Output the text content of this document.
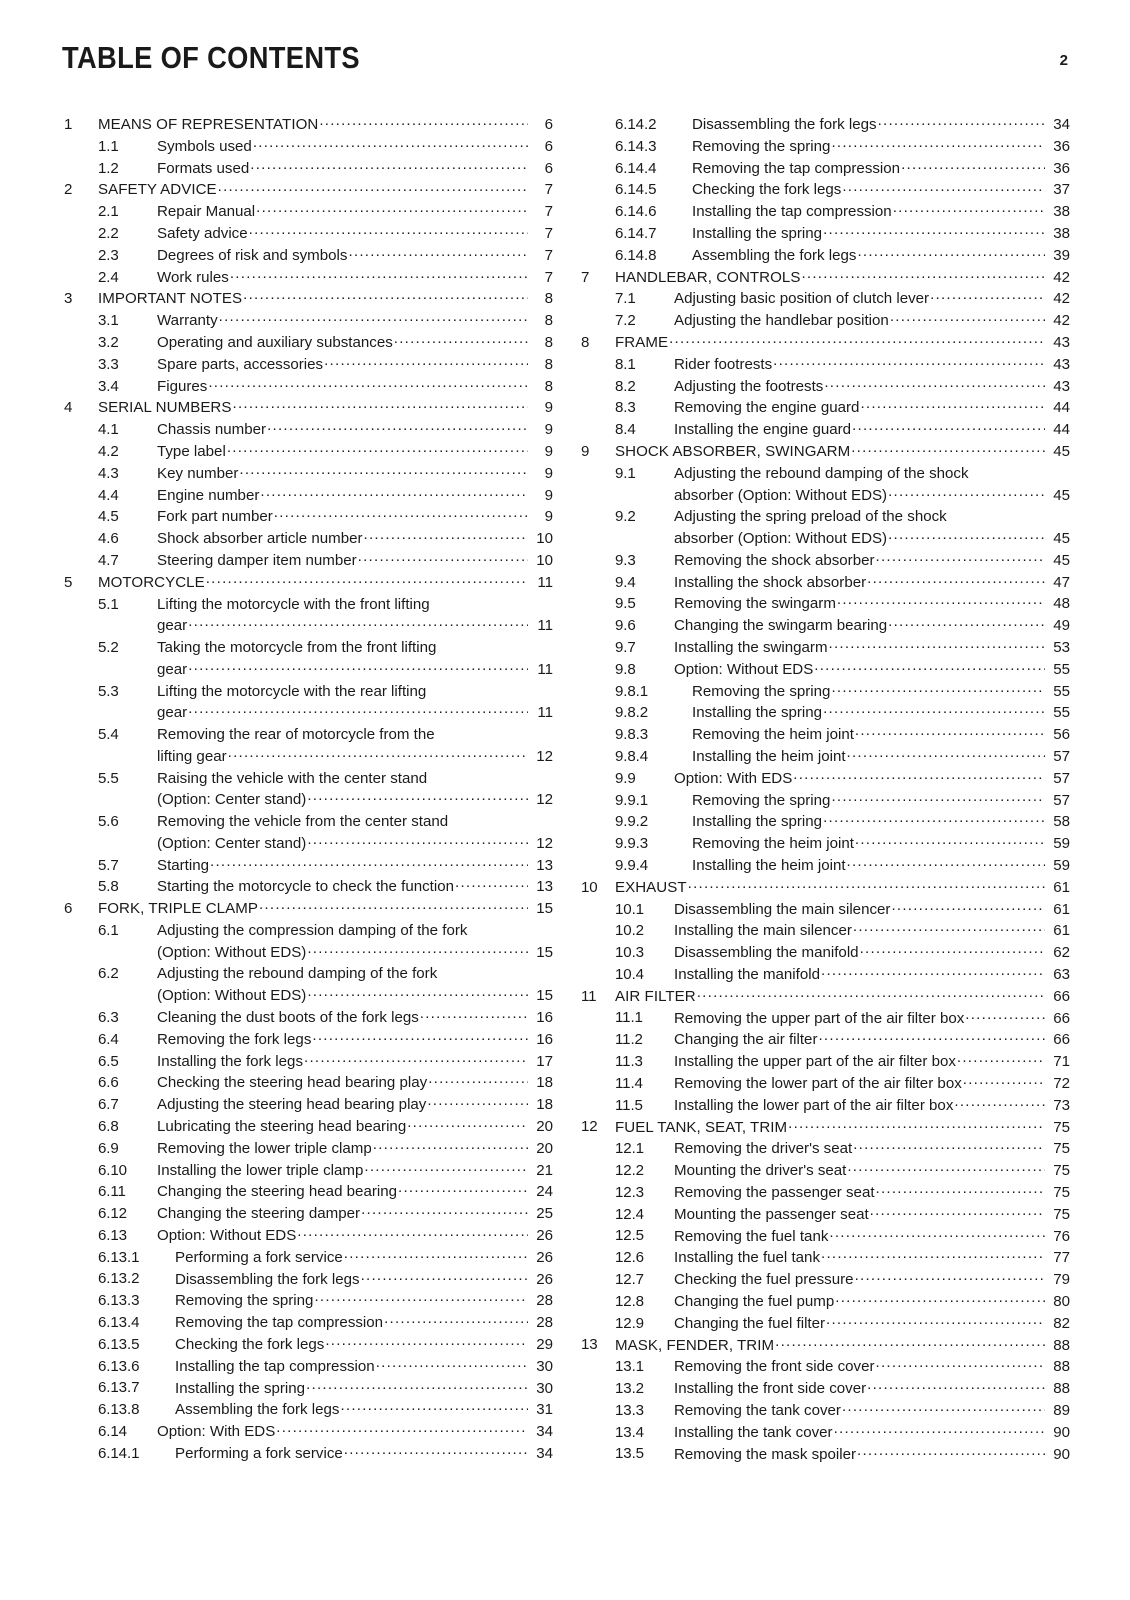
TABLE OF CONTENTS	2
1	MEANS OF REPRESENTATION .....	6
1.1	Symbols used .....	6
1.2	Formats used .....	6
2	SAFETY ADVICE .....	7
2.1	Repair Manual .....	7
2.2	Safety advice .....	7
2.3	Degrees of risk and symbols .....	7
2.4	Work rules .....	7
3	IMPORTANT NOTES .....	8
3.1	Warranty .....	8
3.2	Operating and auxiliary substances .....	8
3.3	Spare parts, accessories .....	8
3.4	Figures .....	8
4	SERIAL NUMBERS .....	9
4.1	Chassis number .....	9
4.2	Type label .....	9
4.3	Key number .....	9
4.4	Engine number .....	9
4.5	Fork part number .....	9
4.6	Shock absorber article number .....	10
4.7	Steering damper item number .....	10
5	MOTORCYCLE .....	11
5.1	Lifting the motorcycle with the front lifting
gear .....	11
5.2	Taking the motorcycle from the front lifting
gear .....	11
5.3	Lifting the motorcycle with the rear lifting
gear .....	11
5.4	Removing the rear of motorcycle from the
lifting gear .....	12
5.5	Raising the vehicle with the center stand
(Option: Center stand) .....	12
5.6	Removing the vehicle from the center stand
(Option: Center stand) .....	12
5.7	Starting .....	13
5.8	Starting the motorcycle to check the function .....	13
6	FORK, TRIPLE CLAMP .....	15
6.1	Adjusting the compression damping of the fork
(Option: Without EDS) .....	15
6.2	Adjusting the rebound damping of the fork
(Option: Without EDS) .....	15
6.3	Cleaning the dust boots of the fork legs .....	16
6.4	Removing the fork legs .....	16
6.5	Installing the fork legs .....	17
6.6	Checking the steering head bearing play .....	18
6.7	Adjusting the steering head bearing play .....	18
6.8	Lubricating the steering head bearing .....	20
6.9	Removing the lower triple clamp .....	20
6.10	Installing the lower triple clamp .....	21
6.11	Changing the steering head bearing .....	24
6.12	Changing the steering damper .....	25
6.13	Option: Without EDS .....	26
6.13.1	Performing a fork service .....	26
6.13.2	Disassembling the fork legs .....	26
6.13.3	Removing the spring .....	28
6.13.4	Removing the tap compression .....	28
6.13.5	Checking the fork legs .....	29
6.13.6	Installing the tap compression .....	30
6.13.7	Installing the spring .....	30
6.13.8	Assembling the fork legs .....	31
6.14	Option: With EDS .....	34
6.14.1	Performing a fork service .....	34
6.14.2	Disassembling the fork legs .....	34
6.14.3	Removing the spring .....	36
6.14.4	Removing the tap compression .....	36
6.14.5	Checking the fork legs .....	37
6.14.6	Installing the tap compression .....	38
6.14.7	Installing the spring .....	38
6.14.8	Assembling the fork legs .....	39
7	HANDLEBAR, CONTROLS .....	42
7.1	Adjusting basic position of clutch lever .....	42
7.2	Adjusting the handlebar position .....	42
8	FRAME .....	43
8.1	Rider footrests .....	43
8.2	Adjusting the footrests .....	43
8.3	Removing the engine guard .....	44
8.4	Installing the engine guard .....	44
9	SHOCK ABSORBER, SWINGARM .....	45
9.1	Adjusting the rebound damping of the shock
absorber (Option: Without EDS) .....	45
9.2	Adjusting the spring preload of the shock
absorber (Option: Without EDS) .....	45
9.3	Removing the shock absorber .....	45
9.4	Installing the shock absorber .....	47
9.5	Removing the swingarm .....	48
9.6	Changing the swingarm bearing .....	49
9.7	Installing the swingarm .....	53
9.8	Option: Without EDS .....	55
9.8.1	Removing the spring .....	55
9.8.2	Installing the spring .....	55
9.8.3	Removing the heim joint .....	56
9.8.4	Installing the heim joint .....	57
9.9	Option: With EDS .....	57
9.9.1	Removing the spring .....	57
9.9.2	Installing the spring .....	58
9.9.3	Removing the heim joint .....	59
9.9.4	Installing the heim joint .....	59
10	EXHAUST .....	61
10.1	Disassembling the main silencer .....	61
10.2	Installing the main silencer .....	61
10.3	Disassembling the manifold .....	62
10.4	Installing the manifold .....	63
11	AIR FILTER .....	66
11.1	Removing the upper part of the air filter box .....	66
11.2	Changing the air filter .....	66
11.3	Installing the upper part of the air filter box .....	71
11.4	Removing the lower part of the air filter box .....	72
11.5	Installing the lower part of the air filter box .....	73
12	FUEL TANK, SEAT, TRIM .....	75
12.1	Removing the driver's seat .....	75
12.2	Mounting the driver's seat .....	75
12.3	Removing the passenger seat .....	75
12.4	Mounting the passenger seat .....	75
12.5	Removing the fuel tank .....	76
12.6	Installing the fuel tank .....	77
12.7	Checking the fuel pressure .....	79
12.8	Changing the fuel pump .....	80
12.9	Changing the fuel filter .....	82
13	MASK, FENDER, TRIM .....	88
13.1	Removing the front side cover .....	88
13.2	Installing the front side cover .....	88
13.3	Removing the tank cover .....	89
13.4	Installing the tank cover .....	90
13.5	Removing the mask spoiler .....	90
